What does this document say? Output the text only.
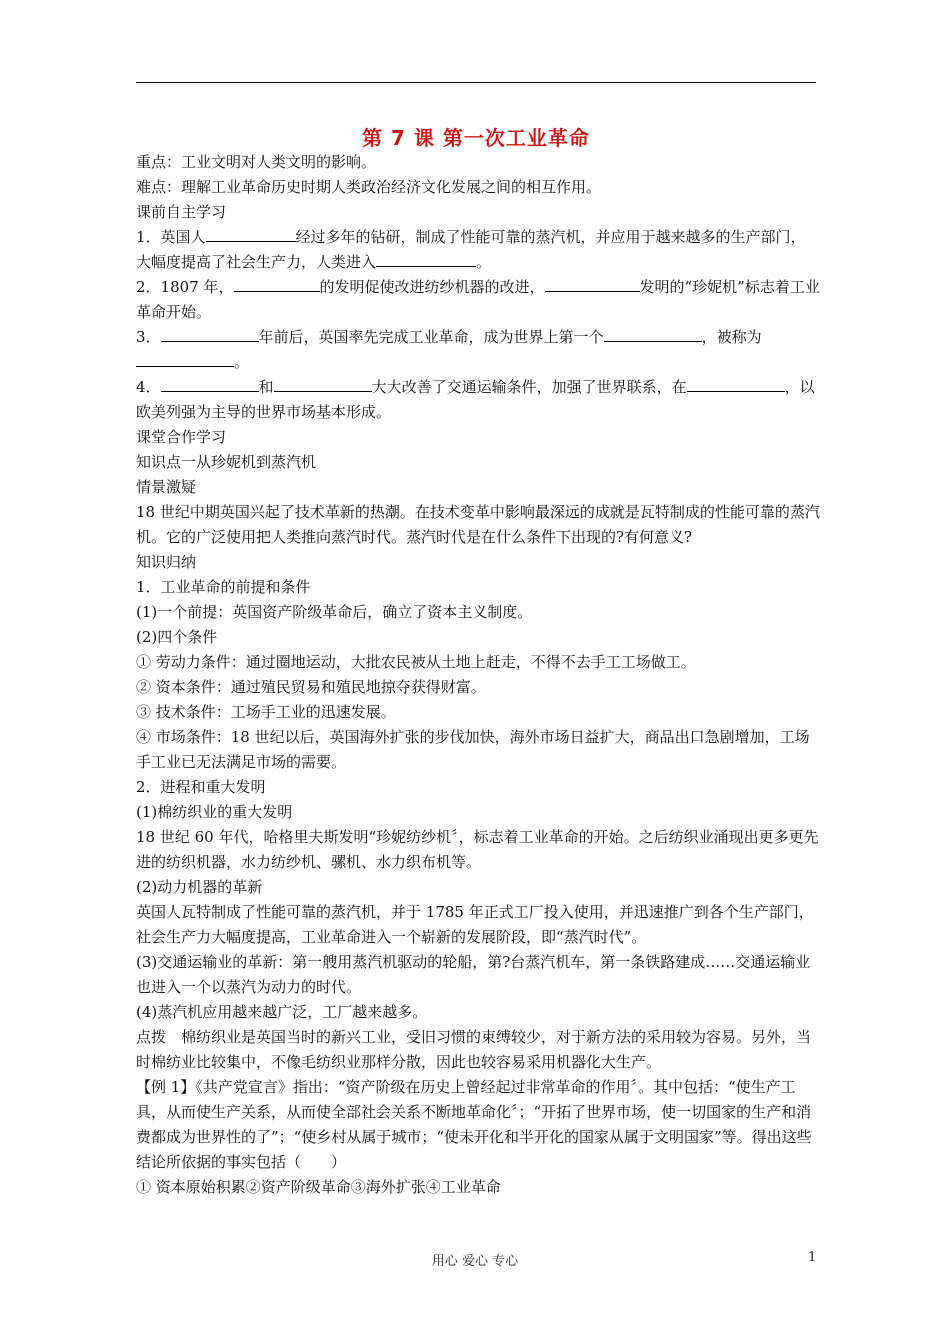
第 7 课 第一次工业革命

重点：工业文明对人类文明的影响。

难点：理解工业革命历史时期人类政治经济文化发展之间的相互作用。

课前自主学习

1．英国人	经过多年的钻研，制成了性能可靠的蒸汽机，并应用于越来越多的生产部门，大幅度提高了社会生产力，人类进入	。

2．1807 年，	的发明促使改进纺纱机器的改进，	发明的“珍妮机”标志着工业革命开始。

3．	年前后，英国率先完成工业革命，成为世界上第一个	，被称为。

4．	和	大大改善了交通运输条件，加强了世界联系，在	，以欧美列强为主导的世界市场基本形成。

课堂合作学习

知识点一从珍妮机到蒸汽机

情景激疑

18 世纪中期英国兴起了技术革新的热潮。在技术变革中影响最深远的成就是瓦特制成的性能可靠的蒸汽机。它的广泛使用把人类推向蒸汽时代。蒸汽时代是在什么条件下出现的?有何意义?

知识归纳

1．工业革命的前提和条件

(1)一个前提：英国资产阶级革命后，确立了资本主义制度。

(2)四个条件

① 劳动力条件：通过圈地运动，大批农民被从土地上赶走，不得不去手工工场做工。

② 资本条件：通过殖民贸易和殖民地掠夺获得财富。

③ 技术条件：工场手工业的迅速发展。

④ 市场条件：18 世纪以后，英国海外扩张的步伐加快，海外市场日益扩大，商品出口急剧增加，工场手工业已无法满足市场的需要。

2．进程和重大发明

(1)棉纺织业的重大发明

18 世纪 60 年代，哈格里夫斯发明“珍妮纺纱机〞，标志着工业革命的开始。之后纺织业涌现出更多更先进的纺织机器，水力纺纱机、骡机、水力织布机等。

(2)动力机器的革新

英国人瓦特制成了性能可靠的蒸汽机，并于 1785 年正式工厂投入使用，并迅速推广到各个生产部门，社会生产力大幅度提高，工业革命进入一个崭新的发展阶段，即“蒸汽时代”。

(3)交通运输业的革新：第一艘用蒸汽机驱动的轮船，第?台蒸汽机车，第一条铁路建成……交通运输业也进入一个以蒸汽为动力的时代。

(4)蒸汽机应用越来越广泛，工厂越来越多。

点拨　棉纺织业是英国当时的新兴工业，受旧习惯的束缚较少，对于新方法的采用较为容易。另外，当时棉纺业比较集中，不像毛纺织业那样分散，因此也较容易采用机器化大生产。

【例 1】《共产党宣言》指出：“资产阶级在历史上曾经起过非常革命的作用〞。其中包括：“使生产工具，从而使生产关系，从而使全部社会关系不断地革命化〞；“开拓了世界市场，使一切国家的生产和消费都成为世界性的了”；“使乡村从属于城市；“使未开化和半开化的国家从属于文明国家”等。得出这些结论所依据的事实包括（　　）

① 资本原始积累②资产阶级革命③海外扩张④工业革命

用心 爱心 专心	1
